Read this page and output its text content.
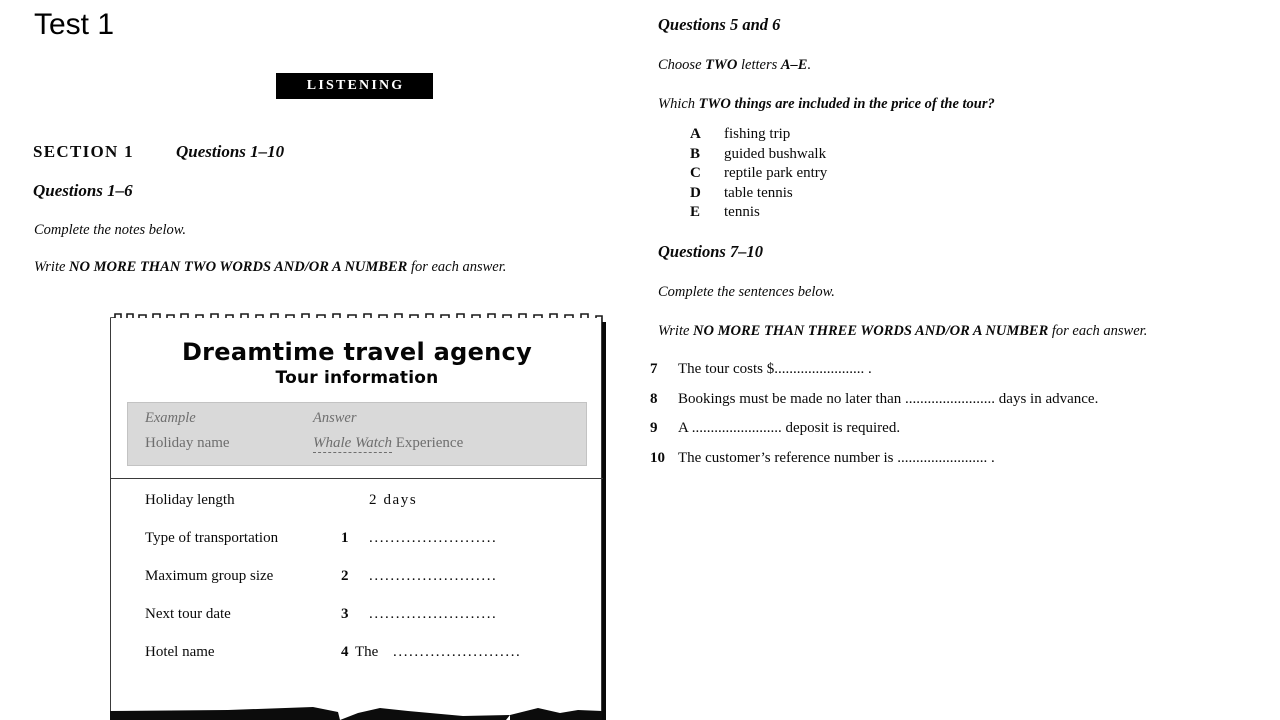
Test 1
LISTENING
SECTION 1 Questions 1–10
Questions 1–6
Complete the notes below.
Write NO MORE THAN TWO WORDS AND/OR A NUMBER for each answer.
Dreamtime travel agency
Tour information
Example	Answer
Holiday name	Whale Watch Experience
Holiday length	2 days
Type of transportation	1 ........................
Maximum group size	2 ........................
Next tour date	3 ........................
Hotel name	4 The ........................
Questions 5 and 6
Choose TWO letters A–E.
Which TWO things are included in the price of the tour?
A fishing trip
B guided bushwalk
C reptile park entry
D table tennis
E tennis
Questions 7–10
Complete the sentences below.
Write NO MORE THAN THREE WORDS AND/OR A NUMBER for each answer.
7	The tour costs $........................ .
8	Bookings must be made no later than ........................ days in advance.
9	A ........................ deposit is required.
10 The customer’s reference number is ........................ .
